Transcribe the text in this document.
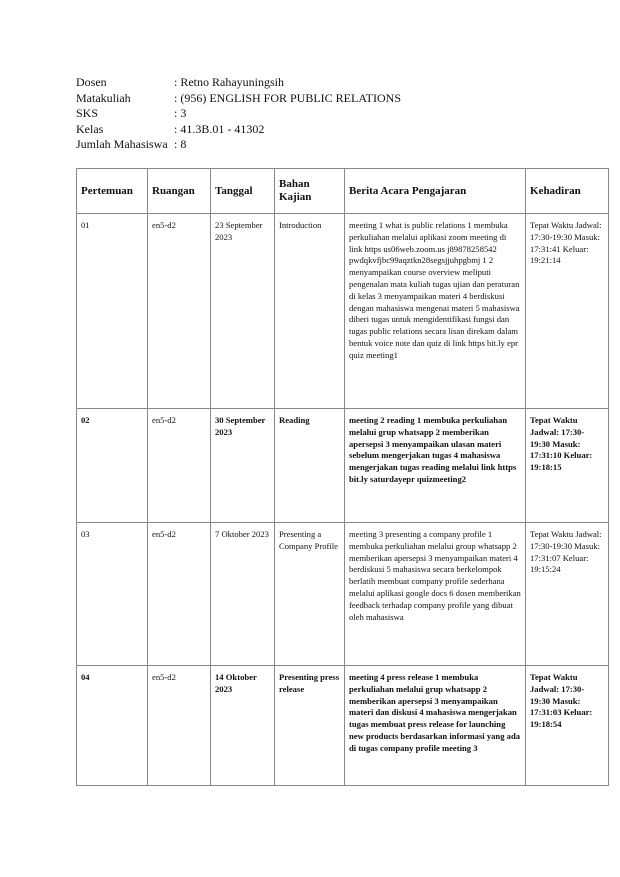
Dosen	: Retno Rahayuningsih
Matakuliah	: (956) ENGLISH FOR PUBLIC RELATIONS
SKS	: 3
Kelas	: 41.3B.01 - 41302
Jumlah Mahasiswa : 8
Pertemuan	Ruangan	Tanggal	Bahan Kajian	Berita Acara Pengajaran	Kehadiran
01	en5-d2	23 September 2023	Introduction	meeting 1 what is public relations 1 membuka perkuliahan melalui aplikasi zoom meeting di link https us06web.zoom.us j89878258542 pwdqkvfjbc99aqztkn28segsjjuhpgbmj 1 2 menyampaikan course overview meliputi pengenalan mata kuliah tugas ujian dan peraturan di kelas 3 menyampaikan materi 4 berdiskusi dengan mahasiswa mengenai materi 5 mahasiswa diberi tugas untuk mengidentifikasi fungsi dan tugas public relations secara lisan direkam dalam bentuk voice note dan quiz di link https bit.ly epr quiz meeting1	Tepat Waktu Jadwal: 17:30-19:30 Masuk: 17:31:41 Keluar: 19:21:14
02	en5-d2	30 September 2023	Reading	meeting 2 reading 1 membuka perkuliahan melalui grup whatsapp 2 memberikan apersepsi 3 menyampaikan ulasan materi sebelum mengerjakan tugas 4 mahasiswa mengerjakan tugas reading melalui link https bit.ly saturdayepr quizmeeting2	Tepat Waktu Jadwal: 17:30-19:30 Masuk: 17:31:10 Keluar: 19:18:15
03	en5-d2	7 Oktober 2023	Presenting a Company Profile	meeting 3 presenting a company profile 1 membuka perkuliahan melalui group whatsapp 2 memberikan apersepsi 3 menyampaikan materi 4 berdiskusi 5 mahasiswa secara berkelompok berlatih membuat company profile sederhana melalui aplikasi google docs 6 dosen memberikan feedback terhadap company profile yang dibuat oleh mahasiswa	Tepat Waktu Jadwal: 17:30-19:30 Masuk: 17:31:07 Keluar: 19:15:24
04	en5-d2	14 Oktober 2023	Presenting press release	meeting 4 press release 1 membuka perkuliahan melalui grup whatsapp 2 memberikan apersepsi 3 menyampaikan materi dan diskusi 4 mahasiswa mengerjakan tugas membuat press release for launching new products berdasarkan informasi yang ada di tugas company profile meeting 3	Tepat Waktu Jadwal: 17:30-19:30 Masuk: 17:31:03 Keluar: 19:18:54
